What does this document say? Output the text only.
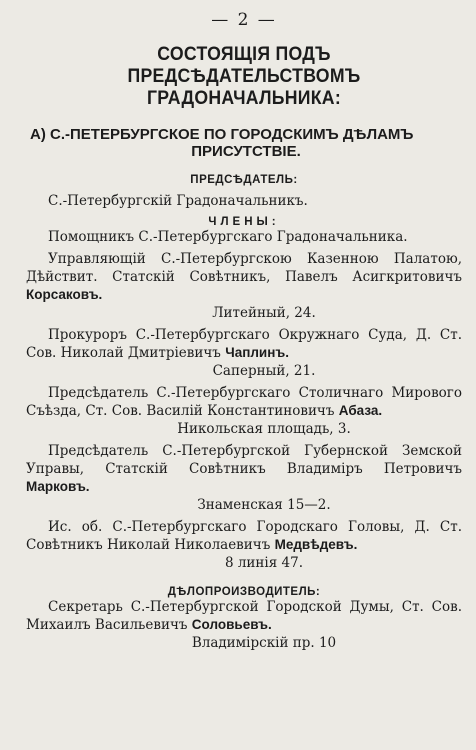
— 2 —
СОСТОЯЩІЯ ПОДЪ ПРЕДСѢДАТЕЛЬСТВОМЪ
ГРАДОНАЧАЛЬНИКА:
А) С.-ПЕТЕРБУРГСКОЕ ПО ГОРОДСКИМЪ ДѢЛАМЪ
ПРИСУТСТВІЕ.
ПРЕДСѢДАТЕЛЬ:
С.-Петербургскій Градоначальникъ.
ЧЛЕНЫ:

Помощникъ С.-Петербургскаго Градоначальника.

Управляющій С.-Петербургскою Казенною Палатою, Дѣйствит. Статскій Совѣтникъ, Павелъ Асигкритовичъ Корсаковъ.

Литейный, 24.

Прокуроръ С.-Петербургскаго Окружнаго Суда, Д. Ст. Сов. Николай Дмитріевичъ Чаплинъ.

Саперный, 21.

Предсѣдатель С.-Петербургскаго Столичнаго Мирового Съѣзда, Ст. Сов. Василій Константиновичъ Абаза.

Никольская площадь, 3.

Предсѣдатель С.-Петербургской Губернской Земской Управы, Статскій Совѣтникъ Владиміръ Петровичъ Марковъ.

Знаменская 15—2.

Ис. об. С.-Петербургскаго Городскаго Головы, Д. Ст. Совѣтникъ Николай Николаевичъ Медвѣдевъ.

8 линія 47.
ДѢЛОПРОИЗВОДИТЕЛЬ:

Секретарь С.-Петербургской Городской Думы, Ст. Сов. Михаилъ Васильевичъ Соловьевъ.

Владимірскій пр. 10
